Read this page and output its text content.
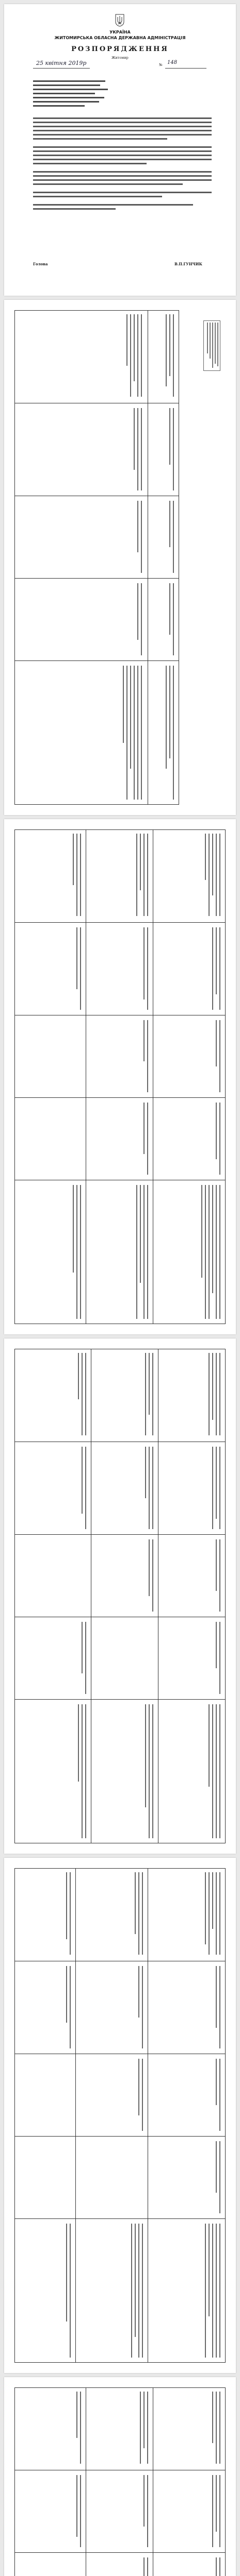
УКРАЇНА
ЖИТОМИРСЬКА ОБЛАСНА ДЕРЖАВНА АДМІНІСТРАЦІЯ
РОЗПОРЯДЖЕННЯ
Житомир
25 квітня 2019р	№ 148
Голова	В.П.ГУНЧИК
